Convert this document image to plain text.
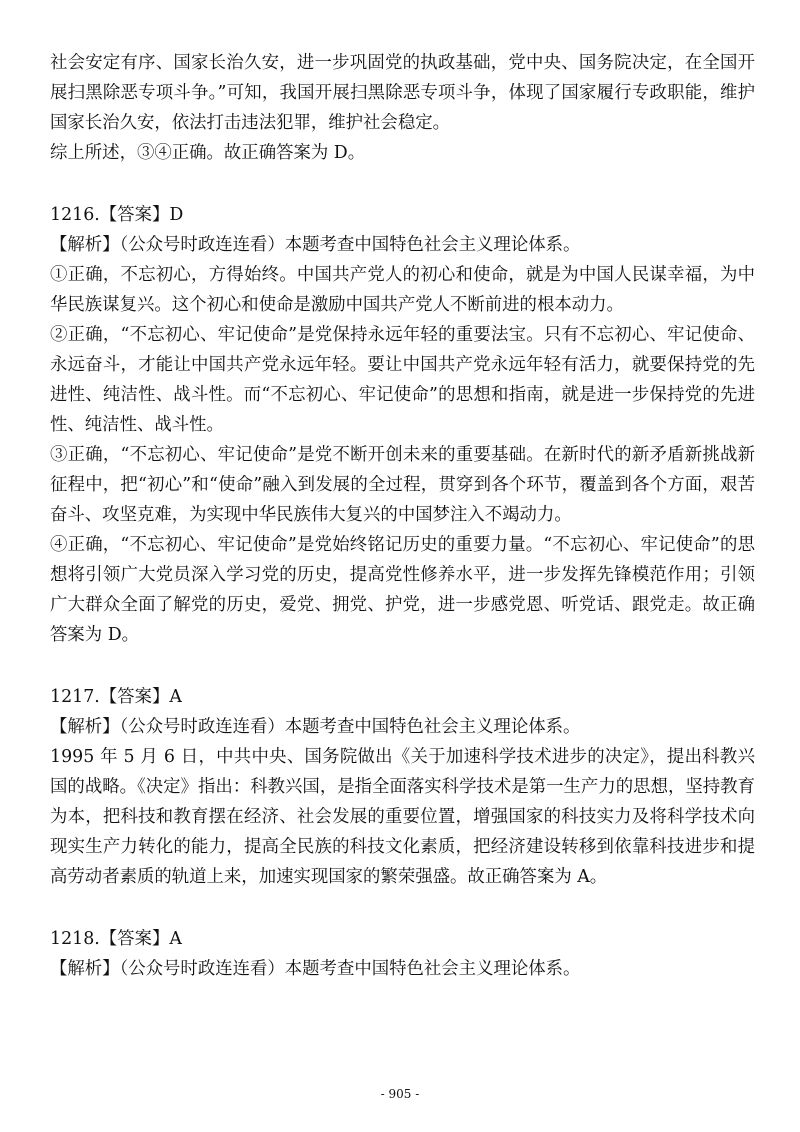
社会安定有序、国家长治久安，进一步巩固党的执政基础，党中央、国务院决定，在全国开展扫黑除恶专项斗争。”可知，我国开展扫黑除恶专项斗争，体现了国家履行专政职能，维护国家长治久安，依法打击违法犯罪，维护社会稳定。

综上所述，③④正确。故正确答案为 D。

1216.【答案】D

【解析】（公众号时政连连看）本题考查中国特色社会主义理论体系。

①正确，不忘初心，方得始终。中国共产党人的初心和使命，就是为中国人民谋幸福，为中华民族谋复兴。这个初心和使命是激励中国共产党人不断前进的根本动力。

②正确，“不忘初心、牢记使命”是党保持永远年轻的重要法宝。只有不忘初心、牢记使命、永远奋斗，才能让中国共产党永远年轻。要让中国共产党永远年轻有活力，就要保持党的先进性、纯洁性、战斗性。而“不忘初心、牢记使命”的思想和指南，就是进一步保持党的先进性、纯洁性、战斗性。

③正确，“不忘初心、牢记使命”是党不断开创未来的重要基础。在新时代的新矛盾新挑战新征程中，把“初心”和“使命”融入到发展的全过程，贯穿到各个环节，覆盖到各个方面，艰苦奋斗、攻坚克难，为实现中华民族伟大复兴的中国梦注入不竭动力。

④正确，“不忘初心、牢记使命”是党始终铭记历史的重要力量。“不忘初心、牢记使命”的思想将引领广大党员深入学习党的历史，提高党性修养水平，进一步发挥先锋模范作用；引领广大群众全面了解党的历史，爱党、拥党、护党，进一步感党恩、听党话、跟党走。故正确答案为 D。

1217.【答案】A

【解析】（公众号时政连连看）本题考查中国特色社会主义理论体系。

1995 年 5 月 6 日，中共中央、国务院做出《关于加速科学技术进步的决定》，提出科教兴国的战略。《决定》指出：科教兴国，是指全面落实科学技术是第一生产力的思想，坚持教育为本，把科技和教育摆在经济、社会发展的重要位置，增强国家的科技实力及将科学技术向现实生产力转化的能力，提高全民族的科技文化素质，把经济建设转移到依靠科技进步和提高劳动者素质的轨道上来，加速实现国家的繁荣强盛。故正确答案为 A。

1218.【答案】A

【解析】（公众号时政连连看）本题考查中国特色社会主义理论体系。

- 905 -
